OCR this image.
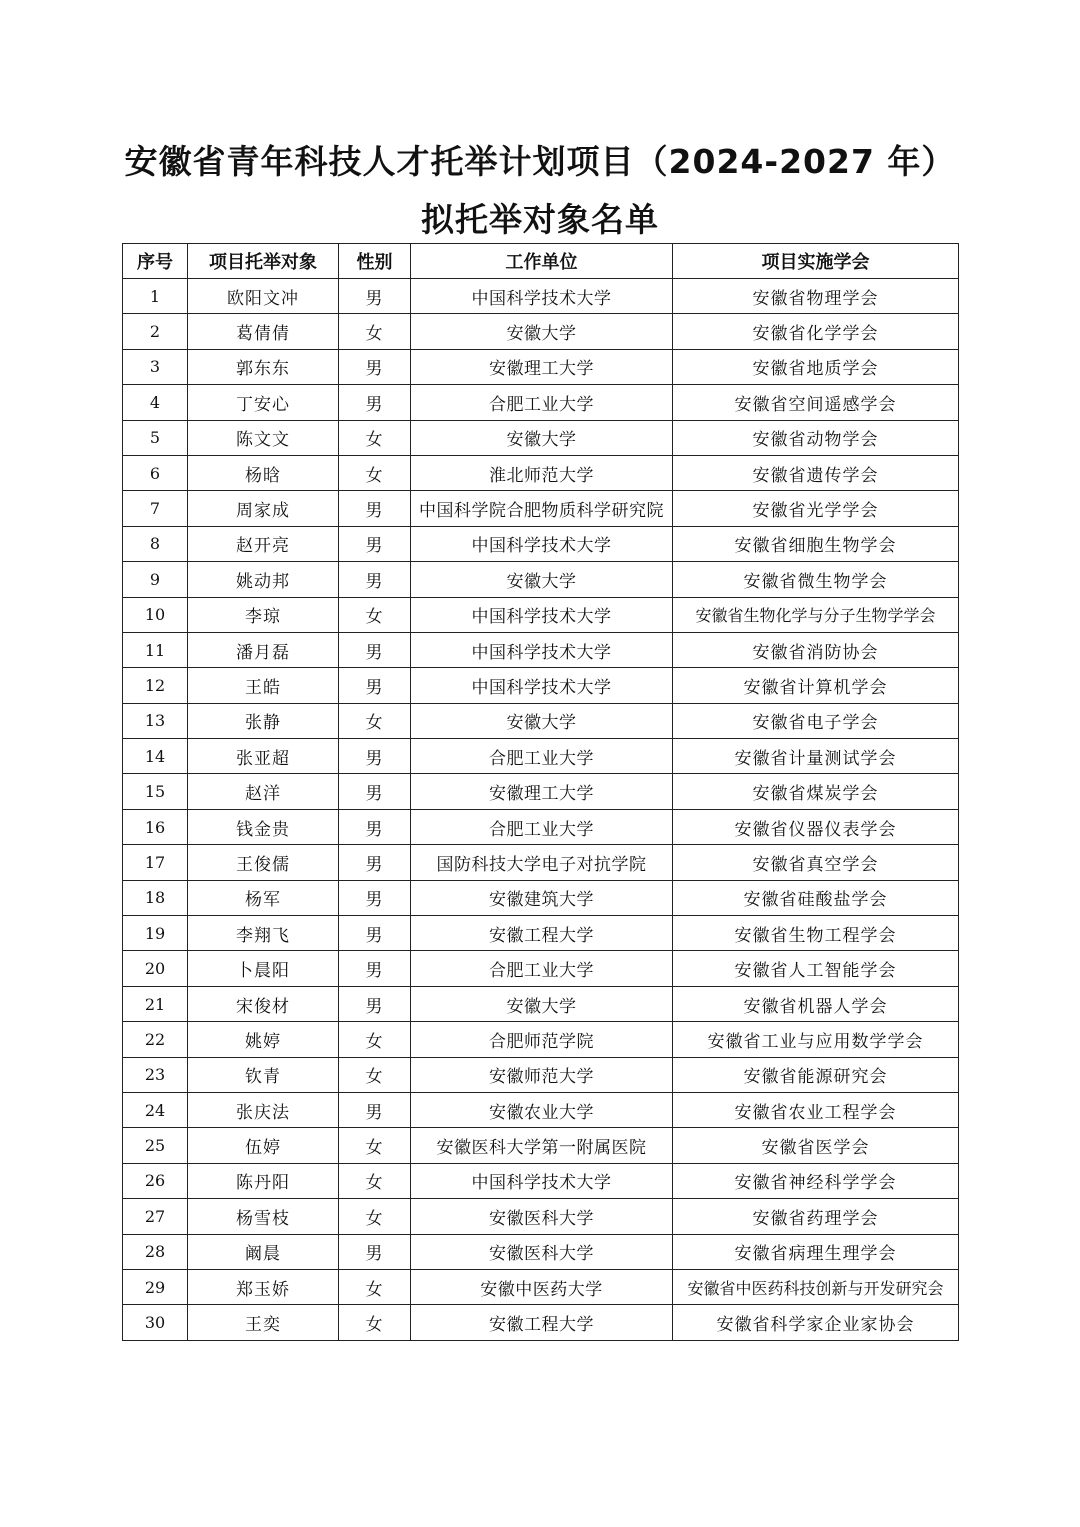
安徽省青年科技人才托举计划项目（2024-2027 年）
拟托举对象名单
序号	项目托举对象	性别	工作单位	项目实施学会
1	欧阳文冲	男	中国科学技术大学	安徽省物理学会
2	葛倩倩	女	安徽大学	安徽省化学学会
3	郭东东	男	安徽理工大学	安徽省地质学会
4	丁安心	男	合肥工业大学	安徽省空间遥感学会
5	陈文文	女	安徽大学	安徽省动物学会
6	杨晗	女	淮北师范大学	安徽省遗传学会
7	周家成	男	中国科学院合肥物质科学研究院	安徽省光学学会
8	赵开亮	男	中国科学技术大学	安徽省细胞生物学会
9	姚动邦	男	安徽大学	安徽省微生物学会
10	李琼	女	中国科学技术大学	安徽省生物化学与分子生物学学会
11	潘月磊	男	中国科学技术大学	安徽省消防协会
12	王皓	男	中国科学技术大学	安徽省计算机学会
13	张静	女	安徽大学	安徽省电子学会
14	张亚超	男	合肥工业大学	安徽省计量测试学会
15	赵洋	男	安徽理工大学	安徽省煤炭学会
16	钱金贵	男	合肥工业大学	安徽省仪器仪表学会
17	王俊儒	男	国防科技大学电子对抗学院	安徽省真空学会
18	杨军	男	安徽建筑大学	安徽省硅酸盐学会
19	李翔飞	男	安徽工程大学	安徽省生物工程学会
20	卜晨阳	男	合肥工业大学	安徽省人工智能学会
21	宋俊材	男	安徽大学	安徽省机器人学会
22	姚婷	女	合肥师范学院	安徽省工业与应用数学学会
23	钦青	女	安徽师范大学	安徽省能源研究会
24	张庆法	男	安徽农业大学	安徽省农业工程学会
25	伍婷	女	安徽医科大学第一附属医院	安徽省医学会
26	陈丹阳	女	中国科学技术大学	安徽省神经科学学会
27	杨雪枝	女	安徽医科大学	安徽省药理学会
28	阚晨	男	安徽医科大学	安徽省病理生理学会
29	郑玉娇	女	安徽中医药大学	安徽省中医药科技创新与开发研究会
30	王奕	女	安徽工程大学	安徽省科学家企业家协会
